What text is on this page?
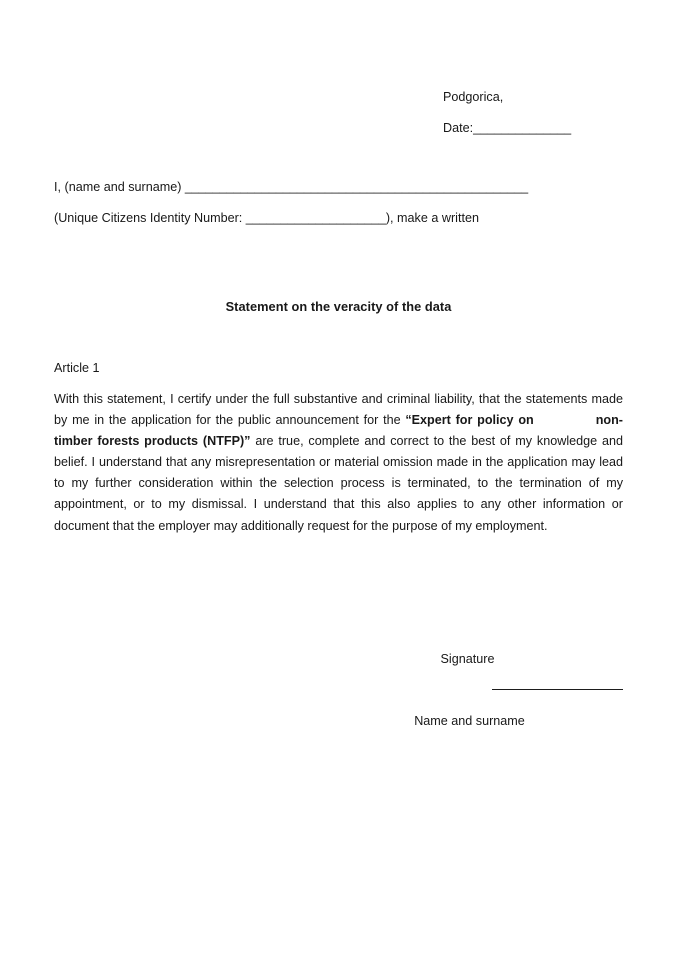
Podgorica,
Date:______________
I, (name and surname) _________________________________________________
(Unique Citizens Identity Number: ____________________), make a written
Statement on the veracity of the data
Article 1
With this statement, I certify under the full substantive and criminal liability, that the statements made by me in the application for the public announcement for the “Expert for policy on	non-timber forests products (NTFP)” are true, complete and correct to the best of my knowledge and belief. I understand that any misrepresentation or material omission made in the application may lead to my further consideration within the selection process is terminated, to the termination of my appointment, or to my dismissal. I understand that this also applies to any other information or document that the employer may additionally request for the purpose of my employment.
Signature
Name and surname
